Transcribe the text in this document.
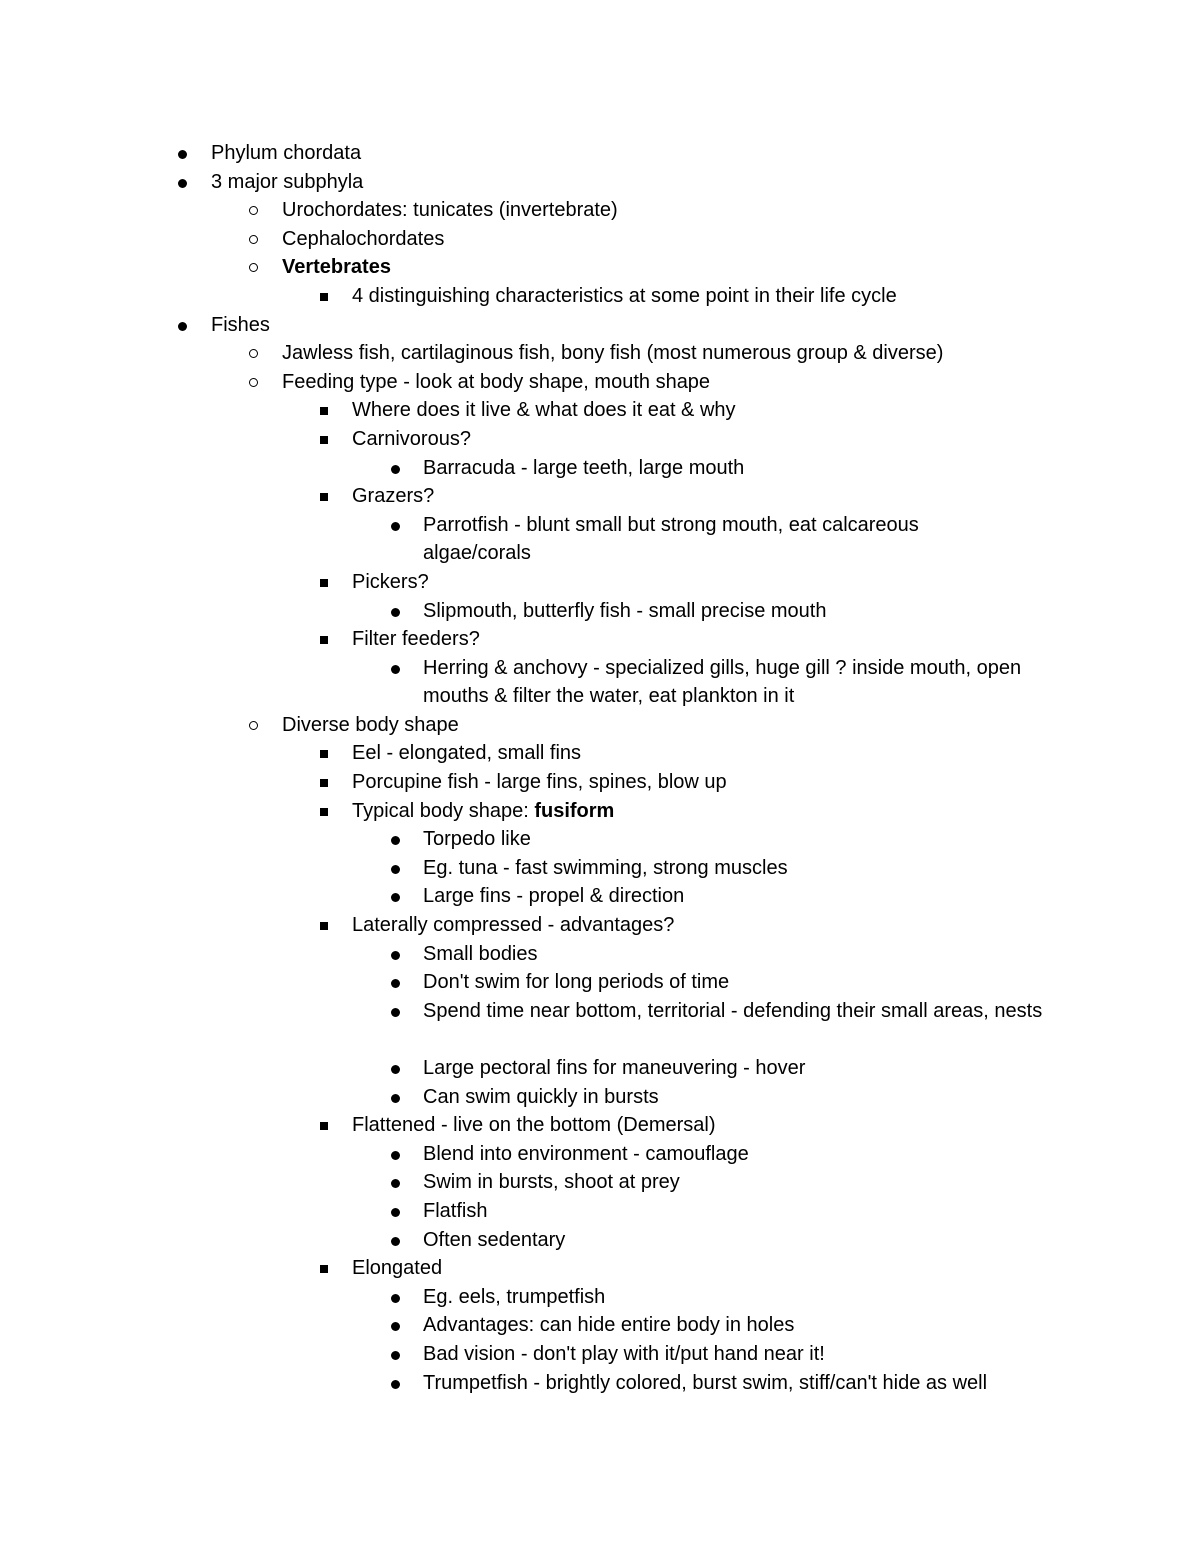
Phylum chordata
3 major subphyla
Urochordates: tunicates (invertebrate)
Cephalochordates
Vertebrates
4 distinguishing characteristics at some point in their life cycle
Fishes
Jawless fish, cartilaginous fish, bony fish (most numerous group & diverse)
Feeding type - look at body shape, mouth shape
Where does it live & what does it eat & why
Carnivorous?
Barracuda - large teeth, large mouth
Grazers?
Parrotfish - blunt small but strong mouth, eat calcareous algae/corals
Pickers?
Slipmouth, butterfly fish - small precise mouth
Filter feeders?
Herring & anchovy - specialized gills, huge gill ? inside mouth, open mouths & filter the water, eat plankton in it
Diverse body shape
Eel - elongated, small fins
Porcupine fish - large fins, spines, blow up
Typical body shape: fusiform
Torpedo like
Eg. tuna - fast swimming, strong muscles
Large fins - propel & direction
Laterally compressed - advantages?
Small bodies
Don't swim for long periods of time
Spend time near bottom, territorial - defending their small areas, nests
Large pectoral fins for maneuvering - hover
Can swim quickly in bursts
Flattened - live on the bottom (Demersal)
Blend into environment - camouflage
Swim in bursts, shoot at prey
Flatfish
Often sedentary
Elongated
Eg. eels, trumpetfish
Advantages: can hide entire body in holes
Bad vision - don't play with it/put hand near it!
Trumpetfish - brightly colored, burst swim, stiff/can't hide as well
